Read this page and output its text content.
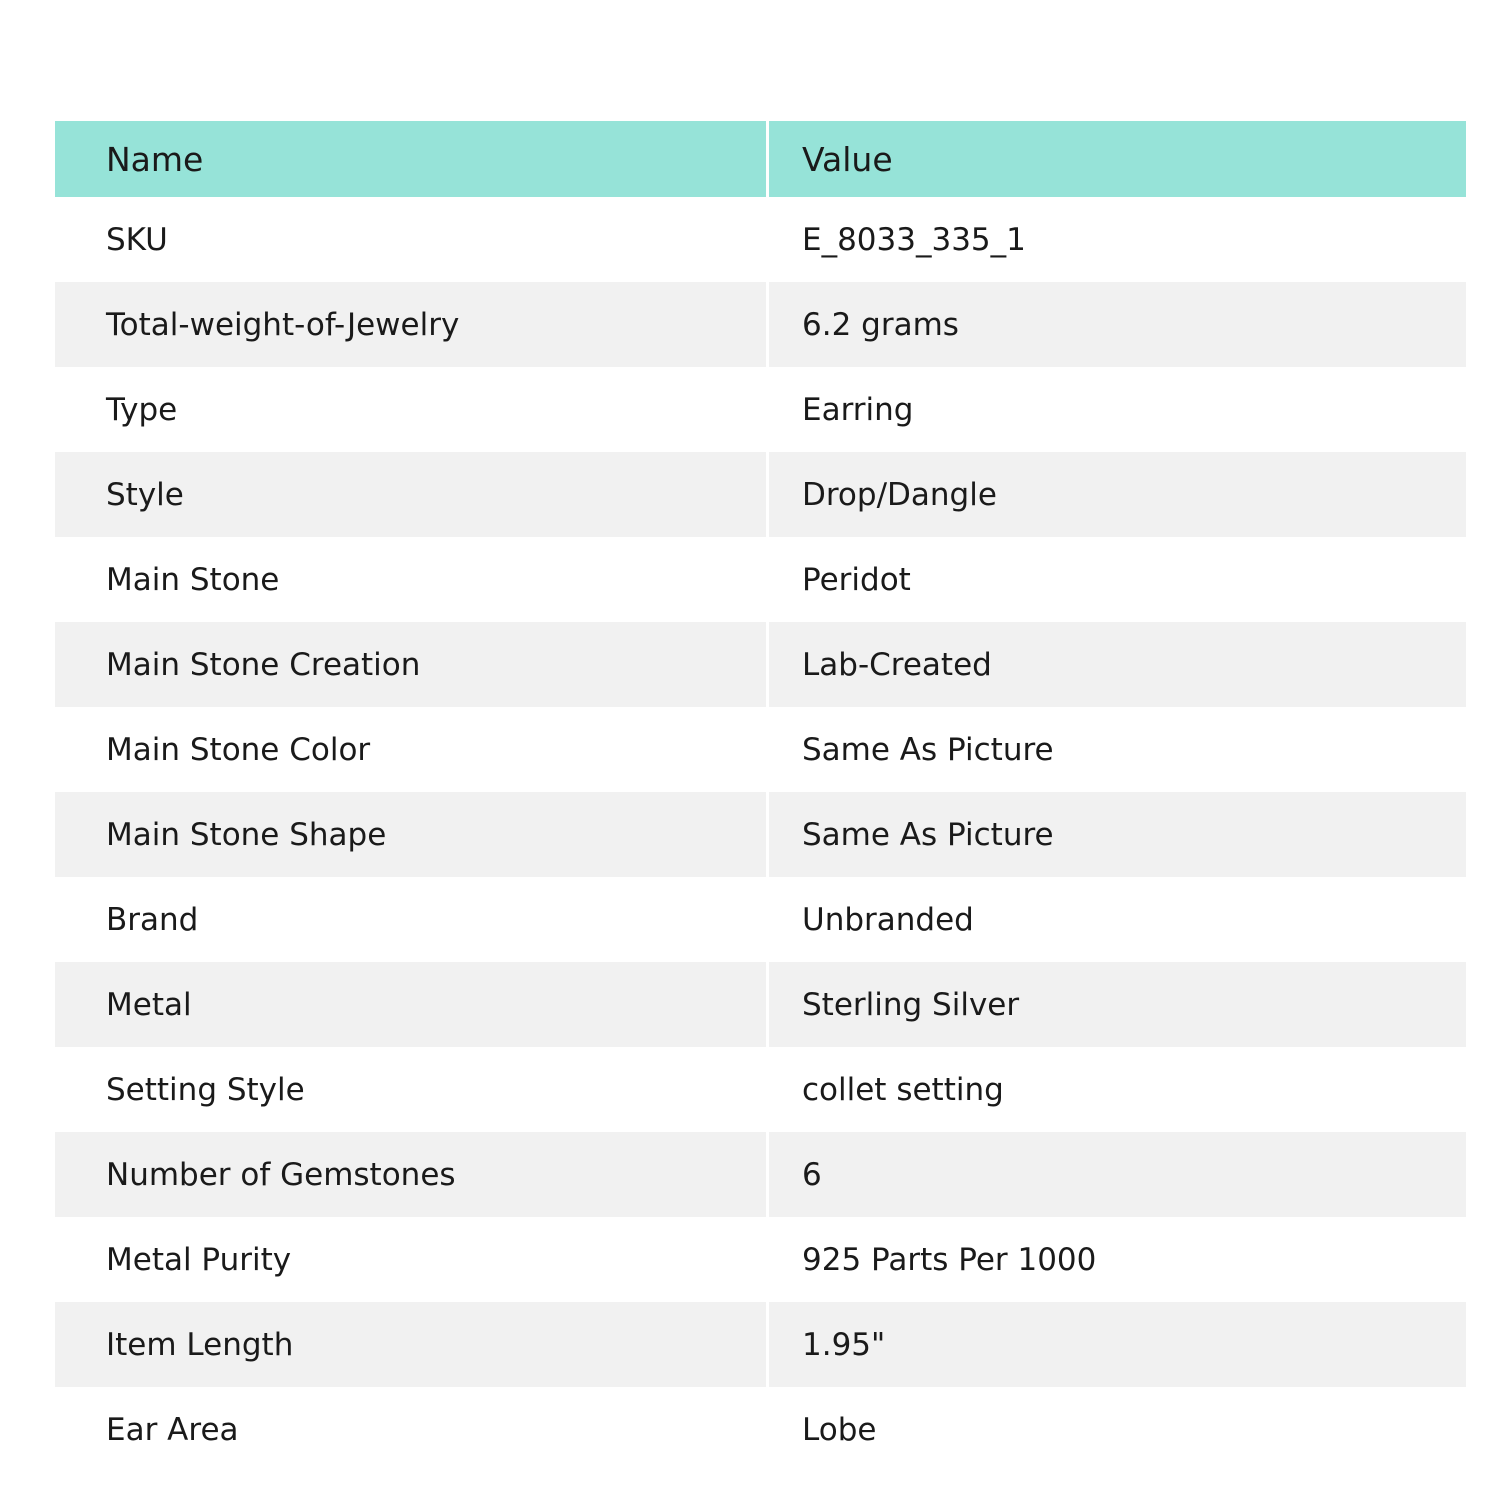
Name	Value
SKU	E_8033_335_1
Total-weight-of-Jewelry	6.2 grams
Type	Earring
Style	Drop/Dangle
Main Stone	Peridot
Main Stone Creation	Lab-Created
Main Stone Color	Same As Picture
Main Stone Shape	Same As Picture
Brand	Unbranded
Metal	Sterling Silver
Setting Style	collet setting
Number of Gemstones	6
Metal Purity	925 Parts Per 1000
Item Length	1.95"
Ear Area	Lobe
